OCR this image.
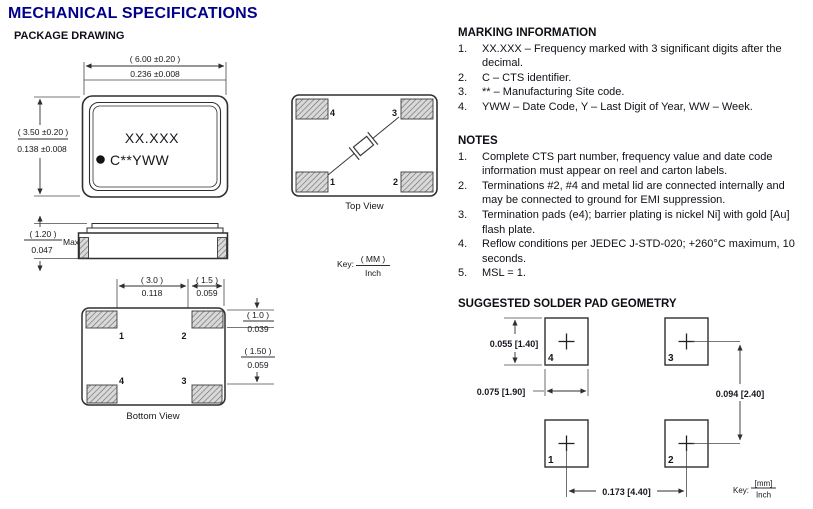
MECHANICAL SPECIFICATIONS
PACKAGE DRAWING
( 6.00 ±0.20 )
0.236 ±0.008
XX.XXX
C**YWW
( 3.50 ±0.20 )
0.138 ±0.008
( 1.20 )
0.047
Max
( 3.0 )
0.118
( 1.5 )
0.059
1	2
4	3
Bottom View
( 1.0 )
0.039
( 1.50 )
0.059
4	3
1	2
Top View
Key: ( MM )
Inch
4	3
1	2
0.055 [1.40]
0.075 [1.90]	0.094 [2.40]
0.173 [4.40]	Key:
[mm]
Inch
MARKING INFORMATION
1.	XX.XXX – Frequency marked with 3 significant digits after the decimal.
2.	C – CTS identifier.
3.	** – Manufacturing Site code.
4.	YWW – Date Code, Y – Last Digit of Year, WW – Week.
NOTES
1.	Complete CTS part number, frequency value and date code information must appear on reel and carton labels.
2.	Terminations #2, #4 and metal lid are connected internally and may be connected to ground for EMI suppression.
3.	Termination pads (e4); barrier plating is nickel Ni] with gold [Au] flash plate.
4.	Reflow conditions per JEDEC J-STD-020; +260°C maximum, 10 seconds.
5.	MSL = 1.
SUGGESTED SOLDER PAD GEOMETRY
